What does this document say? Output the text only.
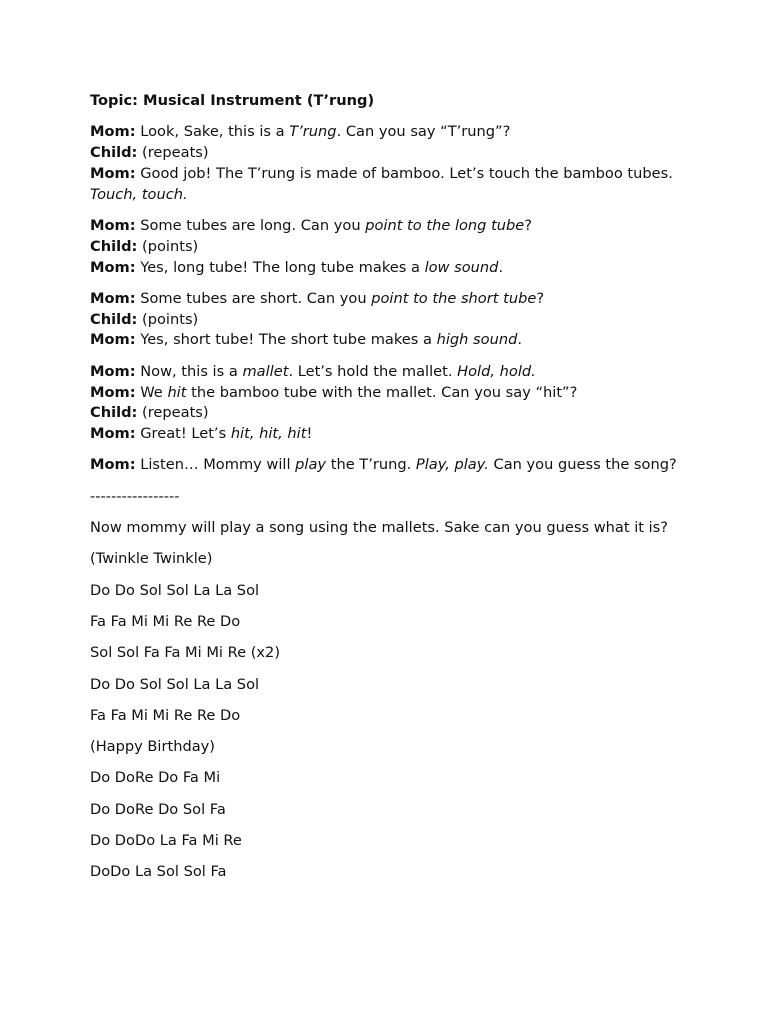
Topic: Musical Instrument (T’rung)

Mom: Look, Sake, this is a T’rung. Can you say “T’rung”?

Child: (repeats)

Mom: Good job! The T’rung is made of bamboo. Let’s touch the bamboo tubes. Touch, touch.

Mom: Some tubes are long. Can you point to the long tube?

Child: (points)

Mom: Yes, long tube! The long tube makes a low sound.

Mom: Some tubes are short. Can you point to the short tube?

Child: (points)

Mom: Yes, short tube! The short tube makes a high sound.

Mom: Now, this is a mallet. Let’s hold the mallet. Hold, hold.

Mom: We hit the bamboo tube with the mallet. Can you say “hit”?

Child: (repeats)

Mom: Great! Let’s hit, hit, hit!

Mom: Listen… Mommy will play the T’rung. Play, play. Can you guess the song?

-----------------

Now mommy will play a song using the mallets. Sake can you guess what it is?

(Twinkle Twinkle)

Do Do Sol Sol La La Sol

Fa Fa Mi Mi Re Re Do

Sol Sol Fa Fa Mi Mi Re (x2)

Do Do Sol Sol La La Sol

Fa Fa Mi Mi Re Re Do

(Happy Birthday)

Do DoRe Do Fa Mi

Do DoRe Do Sol Fa

Do DoDo La Fa Mi Re

DoDo La Sol Sol Fa
